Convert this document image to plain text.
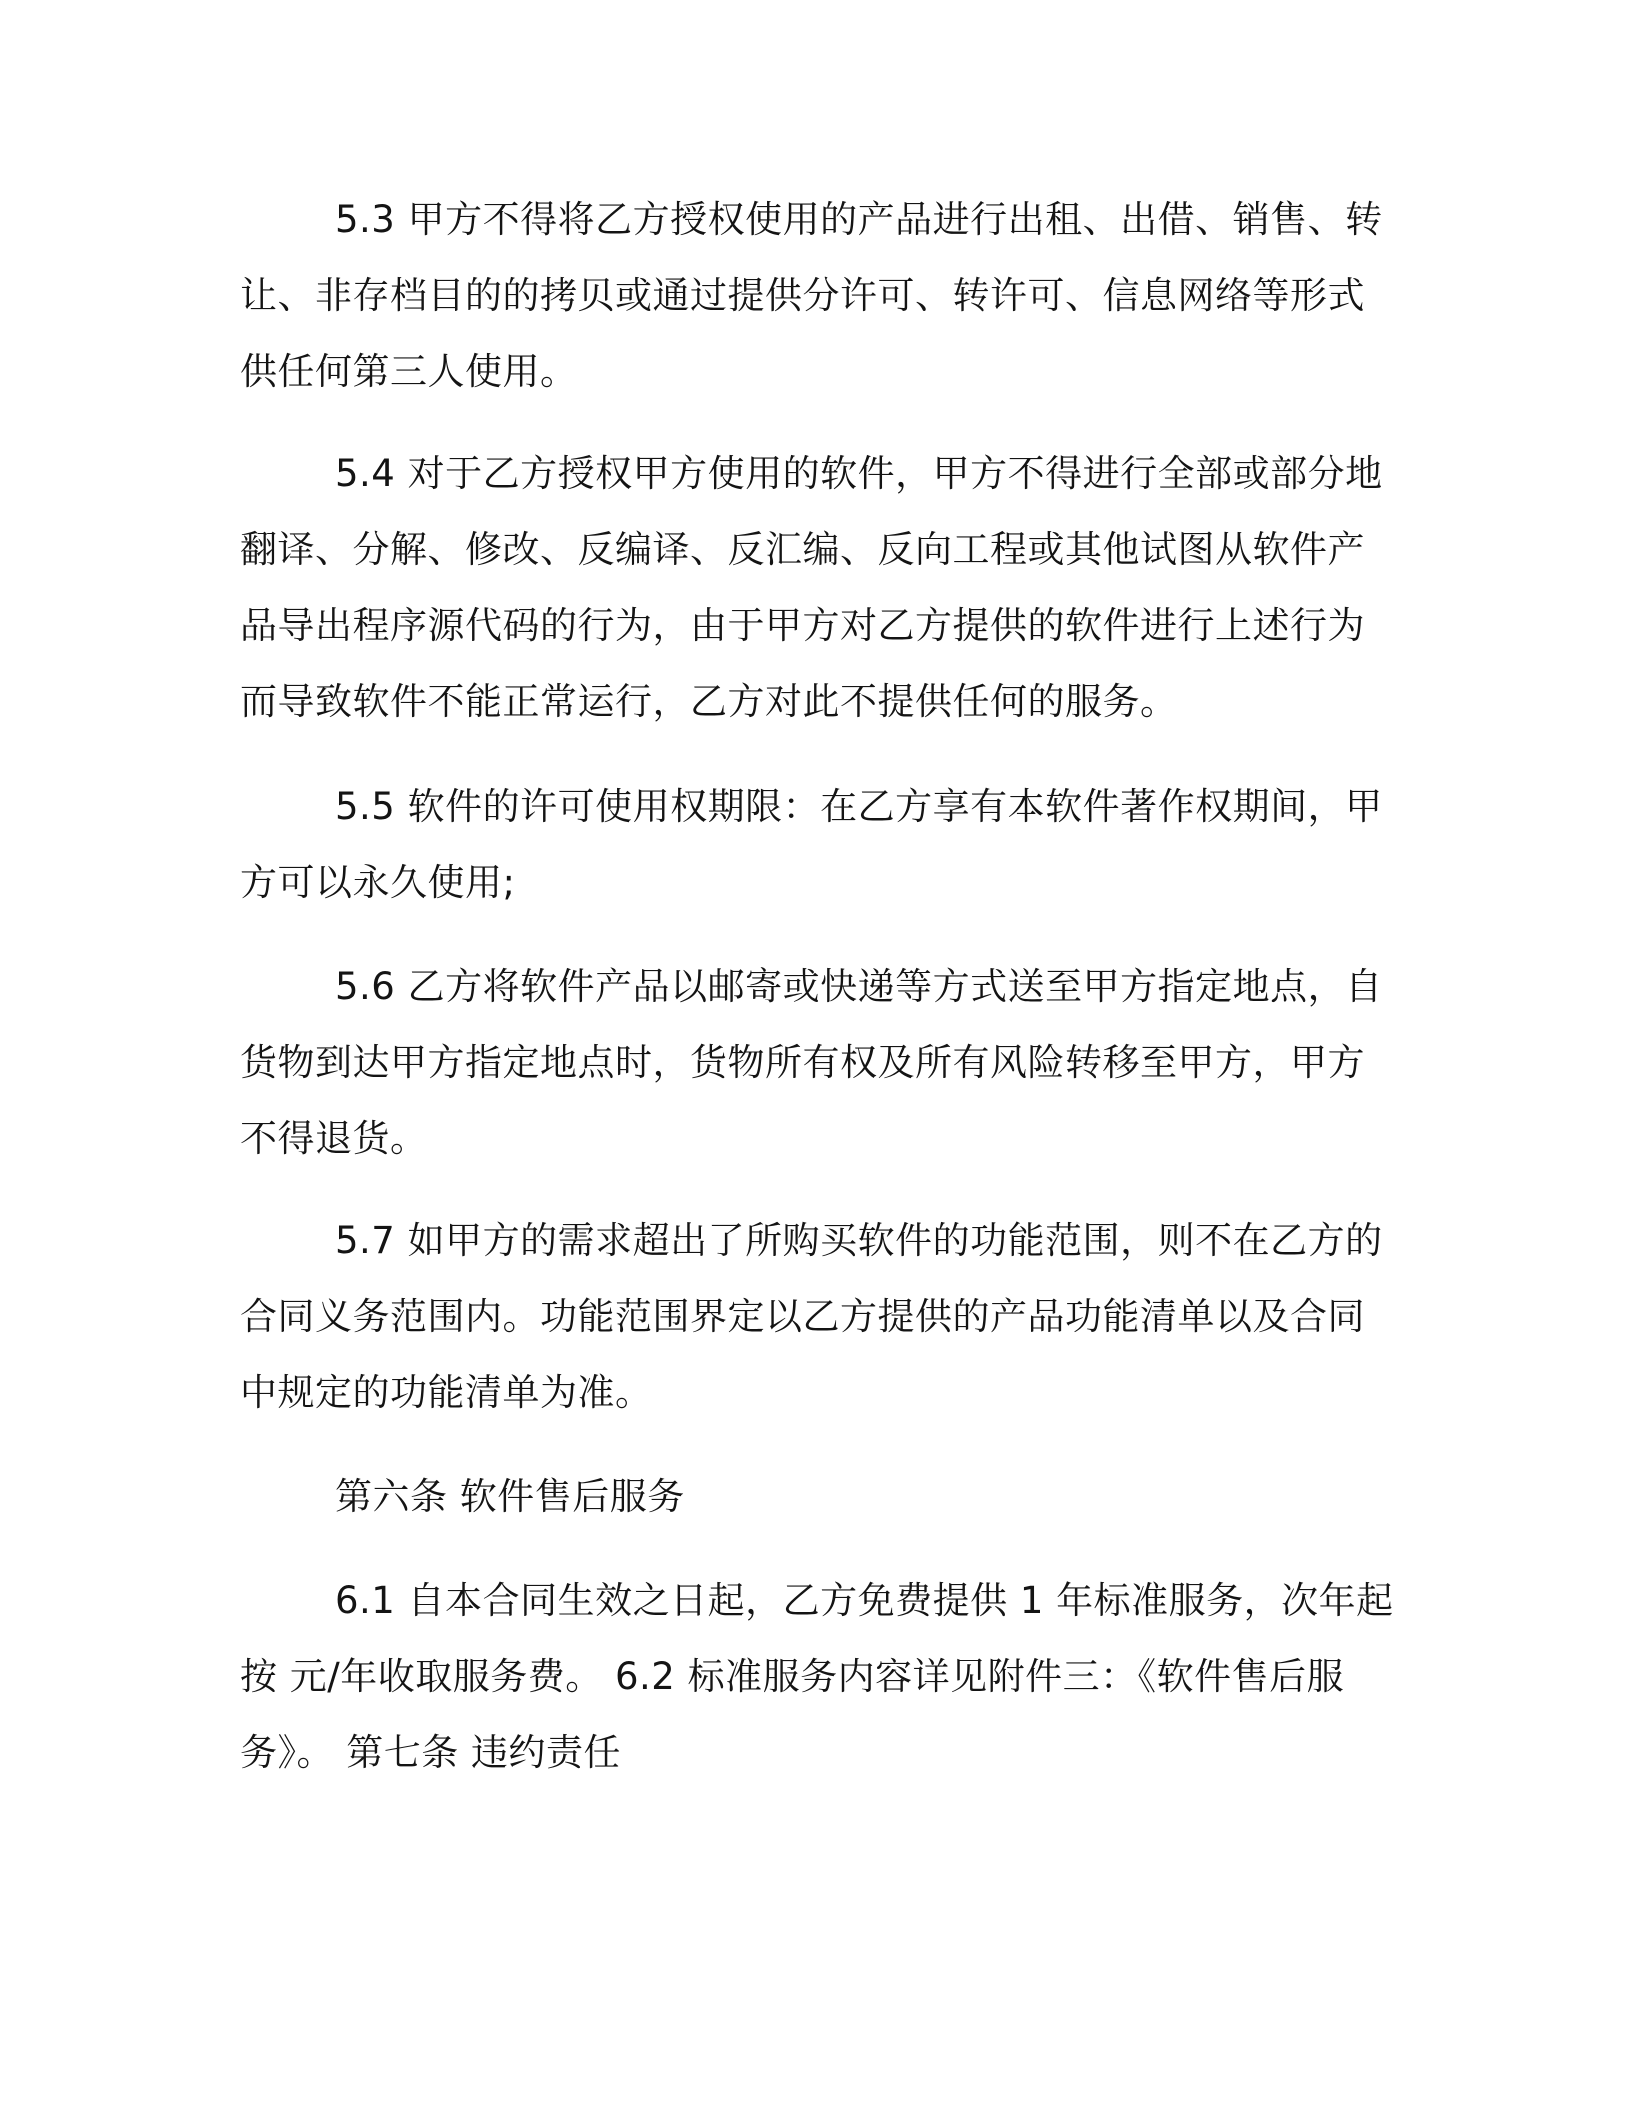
5.3 甲方不得将乙方授权使用的产品进行出租、出借、销售、转

让、非存档目的的拷贝或通过提供分许可、转许可、信息网络等形式

供任何第三人使用。

5.4 对于乙方授权甲方使用的软件，甲方不得进行全部或部分地

翻译、分解、修改、反编译、反汇编、反向工程或其他试图从软件产

品导出程序源代码的行为，由于甲方对乙方提供的软件进行上述行为

而导致软件不能正常运行，乙方对此不提供任何的服务。

5.5 软件的许可使用权期限：在乙方享有本软件著作权期间，甲

方可以永久使用;

5.6 乙方将软件产品以邮寄或快递等方式送至甲方指定地点，自

货物到达甲方指定地点时，货物所有权及所有风险转移至甲方，甲方

不得退货。

5.7 如甲方的需求超出了所购买软件的功能范围，则不在乙方的

合同义务范围内。功能范围界定以乙方提供的产品功能清单以及合同

中规定的功能清单为准。

第六条 软件售后服务

6.1 自本合同生效之日起，乙方免费提供 1 年标准服务，次年起

按 元/年收取服务费。 6.2 标准服务内容详见附件三：《软件售后服

务》。 第七条 违约责任
